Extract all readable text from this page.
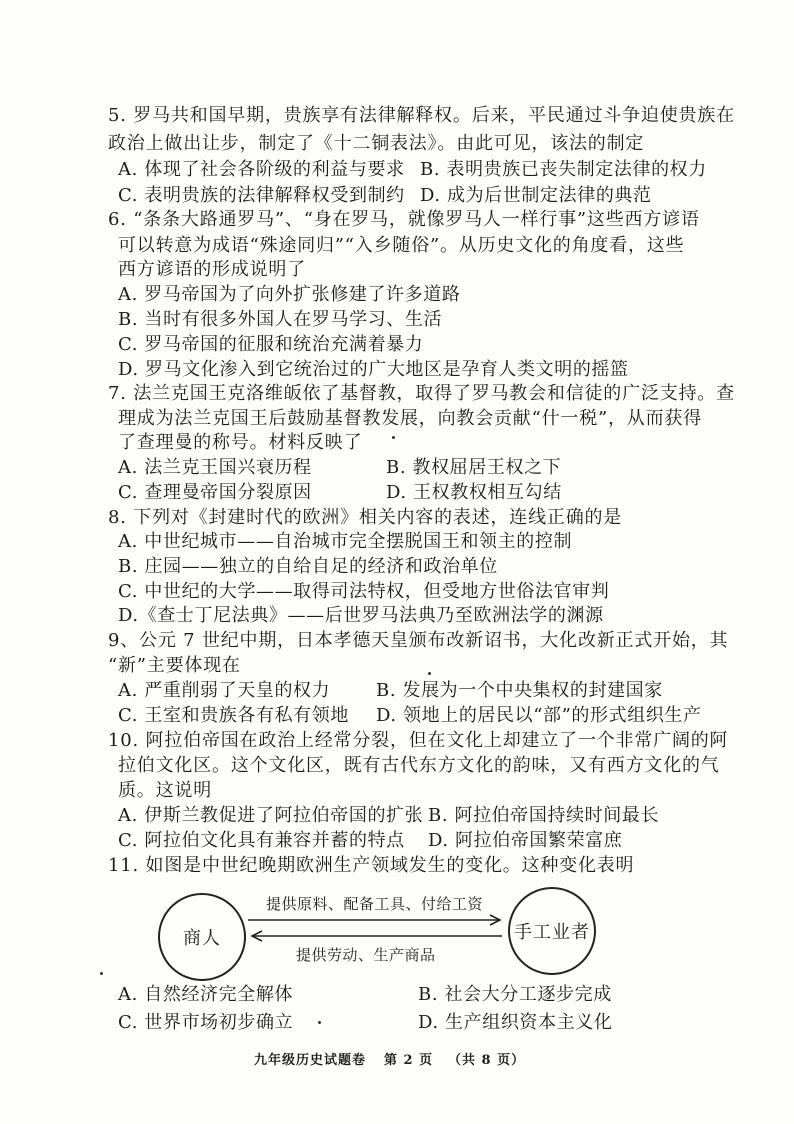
5. 罗马共和国早期，贵族享有法律解释权。后来，平民通过斗争迫使贵族在
政治上做出让步，制定了《十二铜表法》。由此可见，该法的制定
A. 体现了社会各阶级的利益与要求 B. 表明贵族已丧失制定法律的权力
C. 表明贵族的法律解释权受到制约 D. 成为后世制定法律的典范
6. “条条大路通罗马”、“身在罗马，就像罗马人一样行事”这些西方谚语
可以转意为成语“殊途同归”“入乡随俗”。从历史文化的角度看，这些
西方谚语的形成说明了
A. 罗马帝国为了向外扩张修建了许多道路
B. 当时有很多外国人在罗马学习、生活
C. 罗马帝国的征服和统治充满着暴力
D. 罗马文化渗入到它统治过的广大地区是孕育人类文明的摇篮
7. 法兰克国王克洛维皈依了基督教，取得了罗马教会和信徒的广泛支持。查
理成为法兰克国王后鼓励基督教发展，向教会贡献“什一税”，从而获得
了查理曼的称号。材料反映了
A. 法兰克王国兴衰历程	B. 教权屈居王权之下
C. 查理曼帝国分裂原因	D. 王权教权相互勾结
8. 下列对《封建时代的欧洲》相关内容的表述，连线正确的是
A. 中世纪城市——自治城市完全摆脱国王和领主的控制
B. 庄园——独立的自给自足的经济和政治单位
C. 中世纪的大学——取得司法特权，但受地方世俗法官审判
D.《查士丁尼法典》——后世罗马法典乃至欧洲法学的渊源
9、公元 7 世纪中期，日本孝德天皇颁布改新诏书，大化改新正式开始，其
“新”主要体现在
A. 严重削弱了天皇的权力	B. 发展为一个中央集权的封建国家
C. 王室和贵族各有私有领地 D. 领地上的居民以“部”的形式组织生产
10. 阿拉伯帝国在政治上经常分裂，但在文化上却建立了一个非常广阔的阿
拉伯文化区。这个文化区，既有古代东方文化的韵味，又有西方文化的气
质。这说明
A. 伊斯兰教促进了阿拉伯帝国的扩张 B. 阿拉伯帝国持续时间最长
C. 阿拉伯文化具有兼容并蓄的特点 D. 阿拉伯帝国繁荣富庶
11. 如图是中世纪晚期欧洲生产领域发生的变化。这种变化表明
商人	手工业者
提供原料、配备工具、付给工资
提供劳动、生产商品
A. 自然经济完全解体	B. 社会大分工逐步完成
C. 世界市场初步确立	D. 生产组织资本主义化
九年级历史试题卷 第 2 页 （共 8 页）
